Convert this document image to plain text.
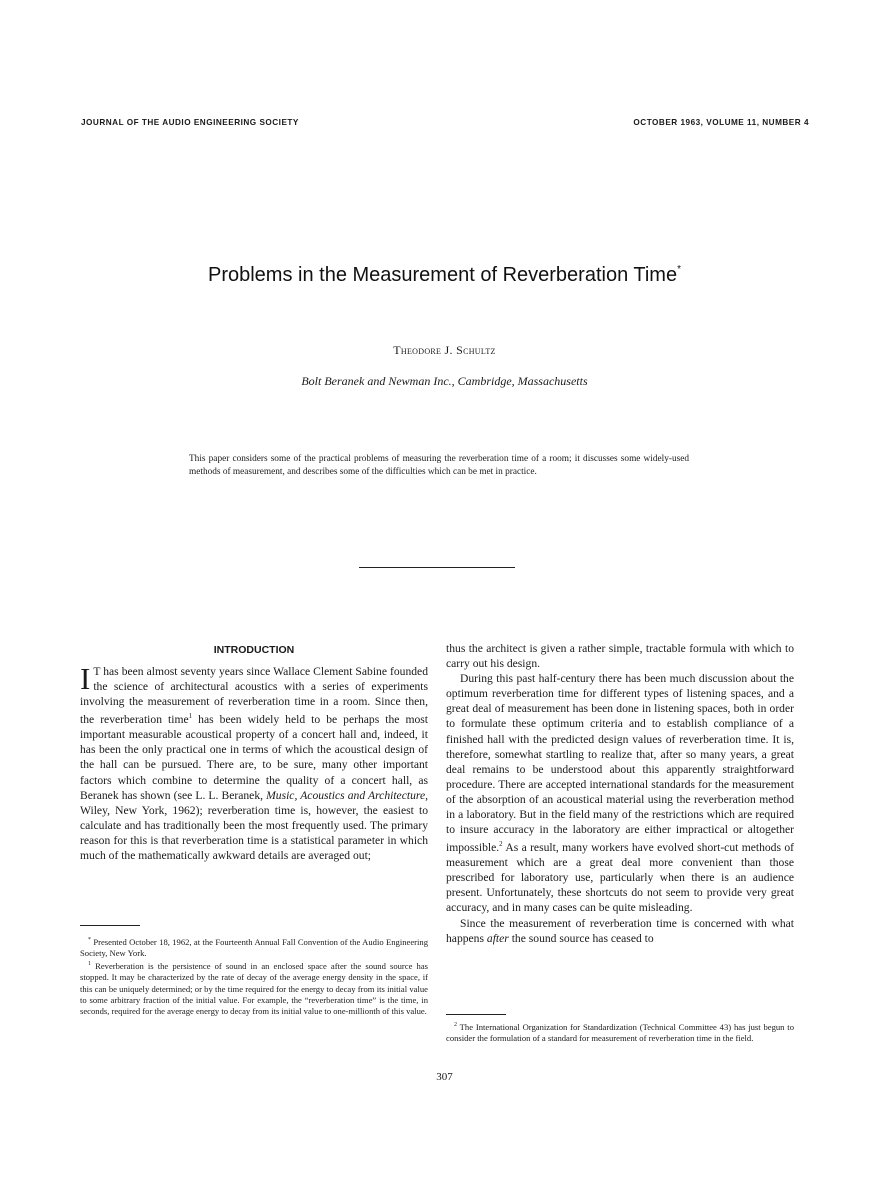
JOURNAL OF THE AUDIO ENGINEERING SOCIETY	OCTOBER 1963, VOLUME 11, NUMBER 4
Problems in the Measurement of Reverberation Time*
Theodore J. Schultz
Bolt Beranek and Newman Inc., Cambridge, Massachusetts
This paper considers some of the practical problems of measuring the reverberation time of a room; it discusses some widely-used methods of measurement, and describes some of the difficulties which can be met in practice.
INTRODUCTION

I T has been almost seventy years since Wallace Clement Sabine founded the science of architectural acoustics with a series of experiments involving the measurement of reverberation time in a room. Since then, the reverberation time$^1$ has been widely held to be perhaps the most important measurable acoustical property of a concert hall and, indeed, it has been the only practical one in terms of which the acoustical design of the hall can be pursued. There are, to be sure, many other important factors which combine to determine the quality of a concert hall, as Beranek has shown (see L. L. Beranek, Music, Acoustics and Architecture, Wiley, New York, 1962); reverberation time is, however, the easiest to calculate and has traditionally been the most frequently used. The primary reason for this is that reverberation time is a statistical parameter in which much of the mathematically awkward details are averaged out;

* Presented October 18, 1962, at the Fourteenth Annual Fall Convention of the Audio Engineering Society, New York.

$^1$ Reverberation is the persistence of sound in an enclosed space after the sound source has stopped. It may be characterized by the rate of decay of the average energy density in the space, if this can be uniquely determined; or by the time required for the energy to decay from its initial value to some arbitrary fraction of the initial value. For example, the “reverberation time” is the time, in seconds, required for the average energy to decay from its initial value to one-millionth of this value.

thus the architect is given a rather simple, tractable formula with which to carry out his design.

During this past half-century there has been much discussion about the optimum reverberation time for different types of listening spaces, and a great deal of measurement has been done in listening spaces, both in order to formulate these optimum criteria and to establish compliance of a finished hall with the predicted design values of reverberation time. It is, therefore, somewhat startling to realize that, after so many years, a great deal remains to be understood about this apparently straightforward procedure. There are accepted international standards for the measurement of the absorption of an acoustical material using the reverberation method in a laboratory. But in the field many of the restrictions which are required to insure accuracy in the laboratory are either impractical or altogether impossible.$^2$ As a result, many workers have evolved short-cut methods of measurement which are a great deal more convenient than those prescribed for laboratory use, particularly when there is an audience present. Unfortunately, these shortcuts do not seem to provide very great accuracy, and in many cases can be quite misleading.

Since the measurement of reverberation time is concerned with what happens after the sound source has ceased to

$^2$ The International Organization for Standardization (Technical Committee 43) has just begun to consider the formulation of a standard for measurement of reverberation time in the field.

307
